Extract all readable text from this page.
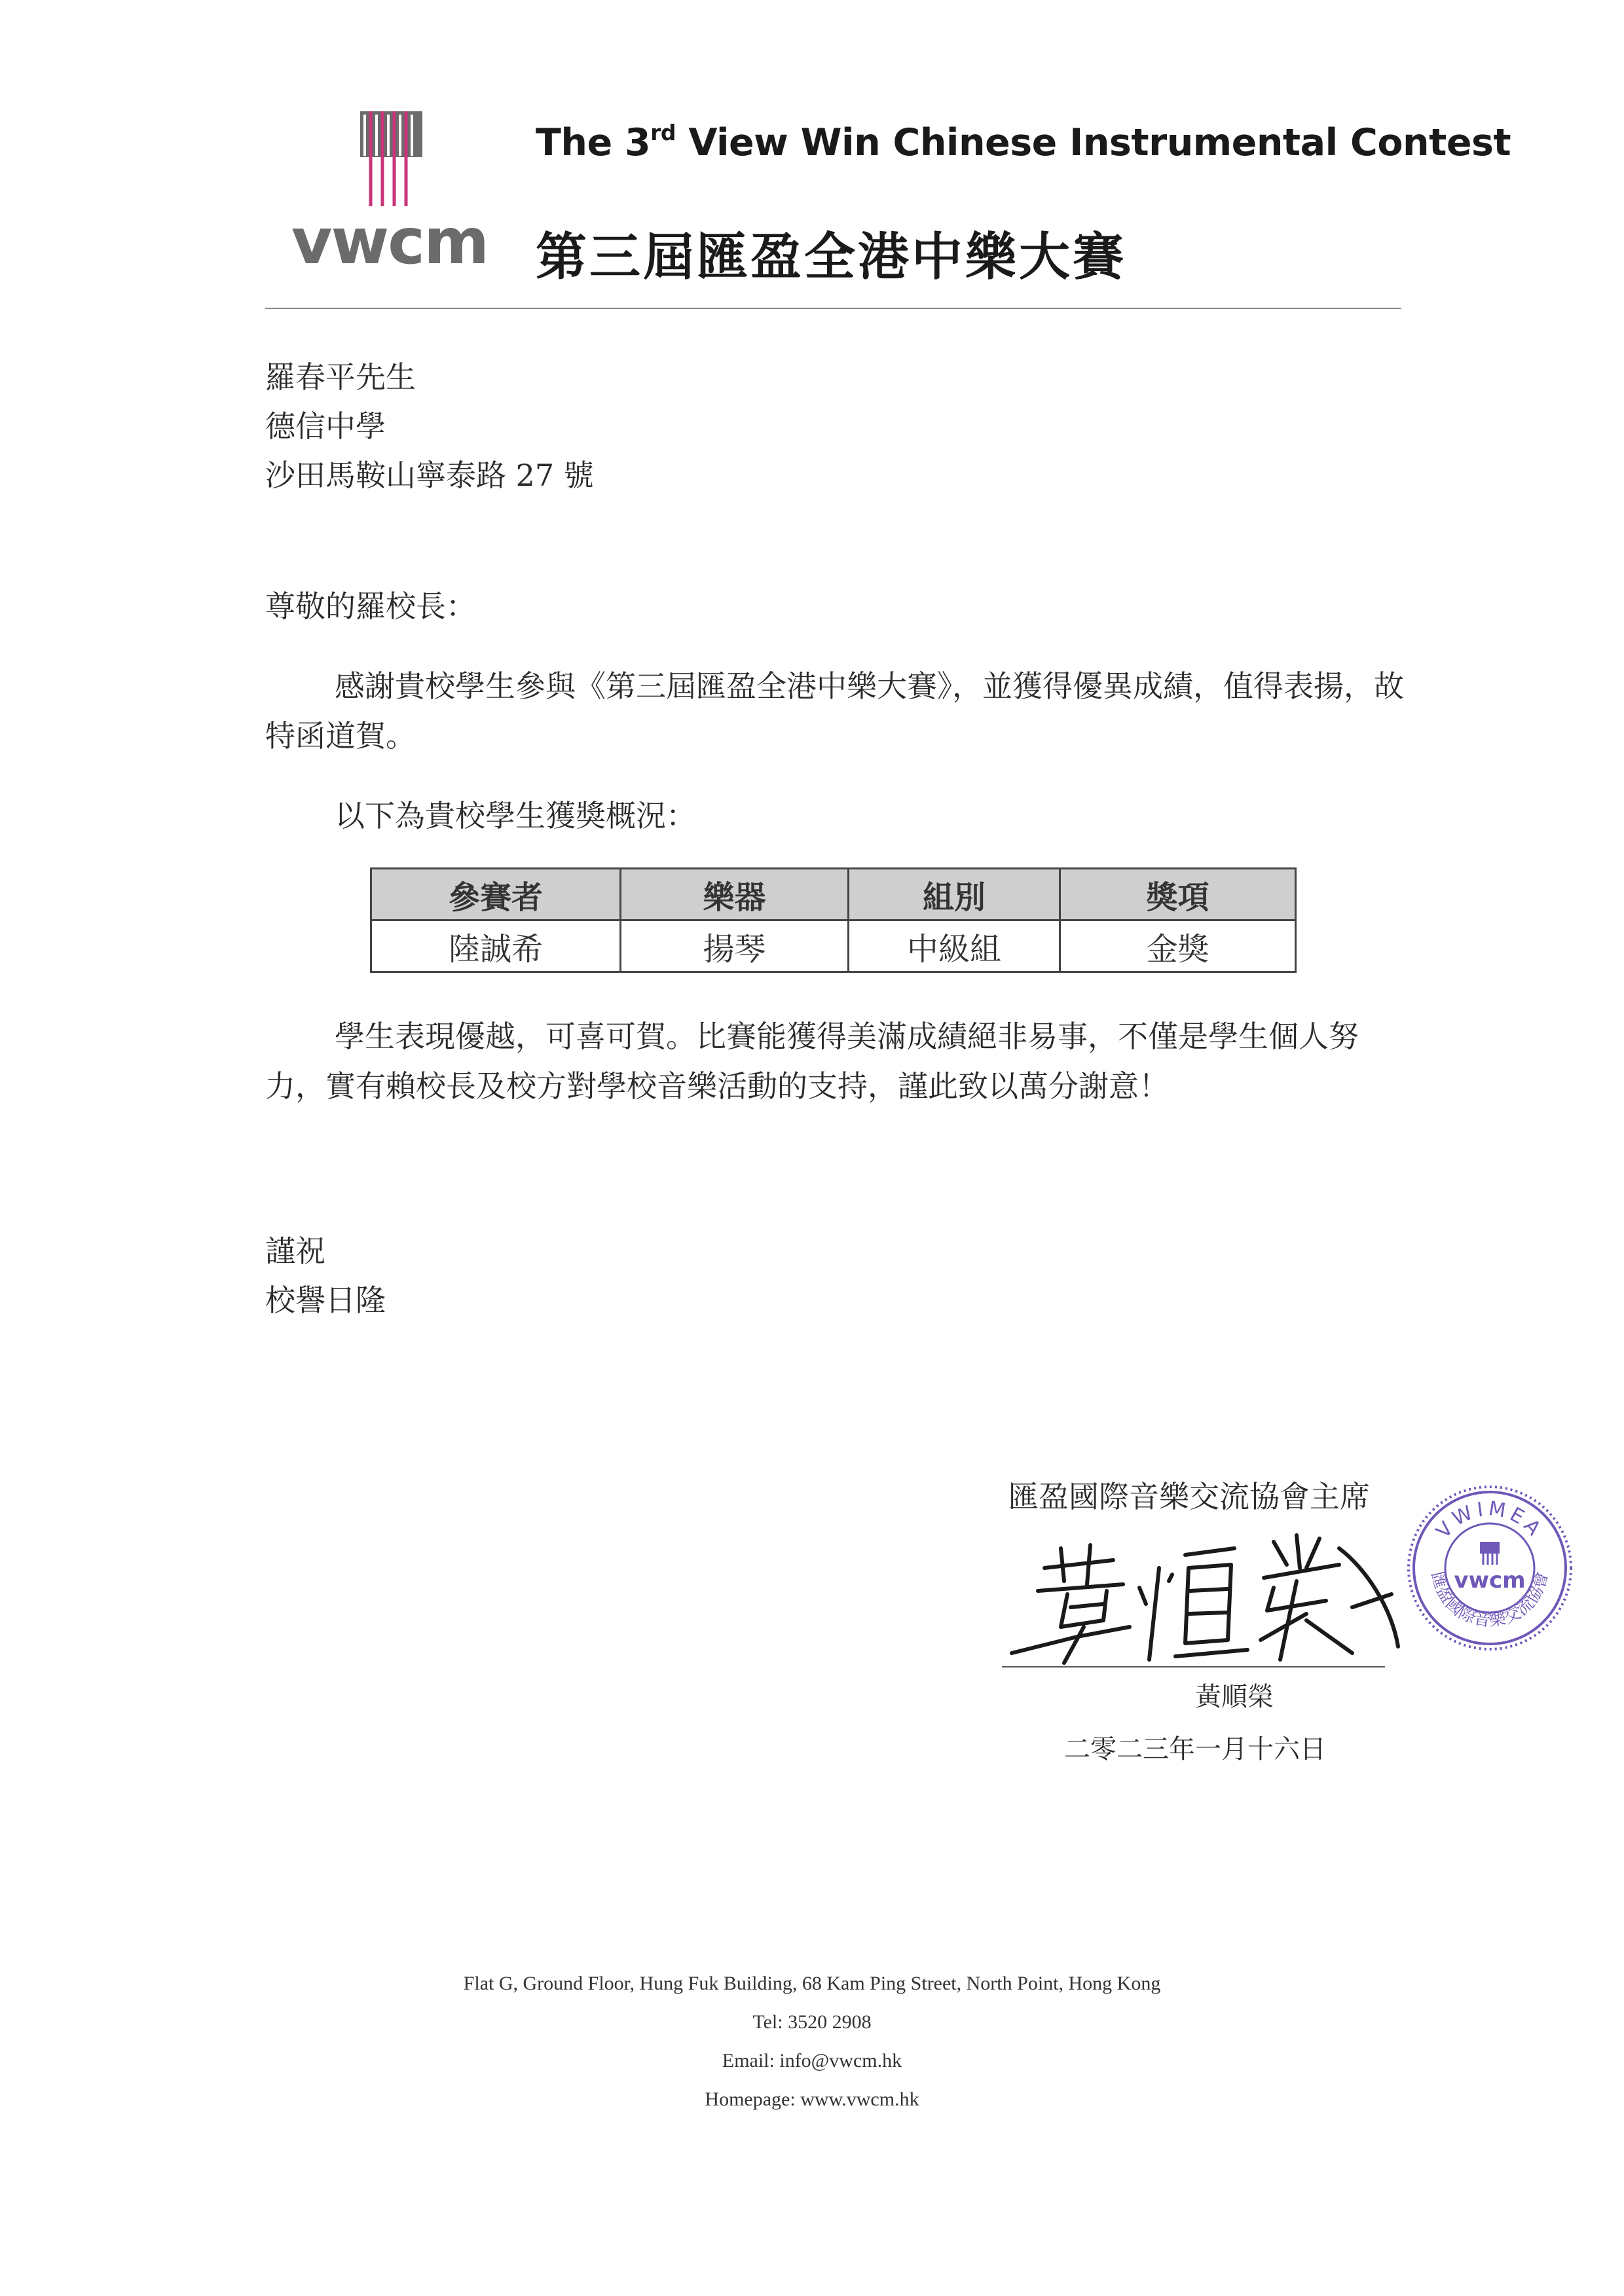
vwcm
The 3rd View Win Chinese Instrumental Contest
第三屆匯盈全港中樂大賽
羅春平先生
德信中學
沙田馬鞍山寧泰路 27 號
尊敬的羅校長：
感謝貴校學生參與《第三屆匯盈全港中樂大賽》，並獲得優異成績，值得表揚，故特函道賀。
以下為貴校學生獲獎概況：
參賽者	樂器	組別	獎項
陸誠希	揚琴	中級組	金獎
學生表現優越，可喜可賀。比賽能獲得美滿成績絕非易事，不僅是學生個人努力，實有賴校長及校方對學校音樂活動的支持，謹此致以萬分謝意！
謹祝
校譽日隆
匯盈國際音樂交流協會主席
黃順榮
二零二三年一月十六日
VWIMEA
匯盈國際音樂交流協會
vwcm
Flat G, Ground Floor, Hung Fuk Building, 68 Kam Ping Street, North Point, Hong Kong
Tel: 3520 2908
Email: info@vwcm.hk
Homepage: www.vwcm.hk
